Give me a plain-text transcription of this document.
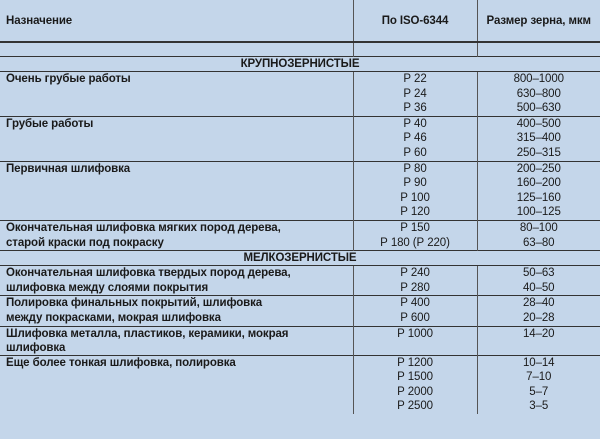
Назначение	По ISO-6344	Размер зерна, мкм

КРУПНОЗЕРНИСТЫЕ		
Очень грубые работы	Р 22	800–1000
	Р 24	630–800
	Р 36	500–630
Грубые работы	Р 40	400–500
	Р 46	315–400
	Р 60	250–315
Первичная шлифовка	Р 80	200–250
	Р 90	160–200
	Р 100	125–160
	Р 120	100–125
Окончательная шлифовка мягких пород дерева,	Р 150	80–100
старой краски под покраску	Р 180 (Р 220)	63–80
МЕЛКОЗЕРНИСТЫЕ		
Окончательная шлифовка твердых пород дерева,	Р 240	50–63
шлифовка между слоями покрытия	Р 280	40–50
Полировка финальных покрытий, шлифовка	Р 400	28–40
между покрасками, мокрая шлифовка	Р 600	20–28
Шлифовка металла, пластиков, керамики, мокрая шлифовка	Р 1000	14–20
Еще более тонкая шлифовка, полировка	Р 1200	10–14
	Р 1500	7–10
	Р 2000	5–7
	Р 2500	3–5
